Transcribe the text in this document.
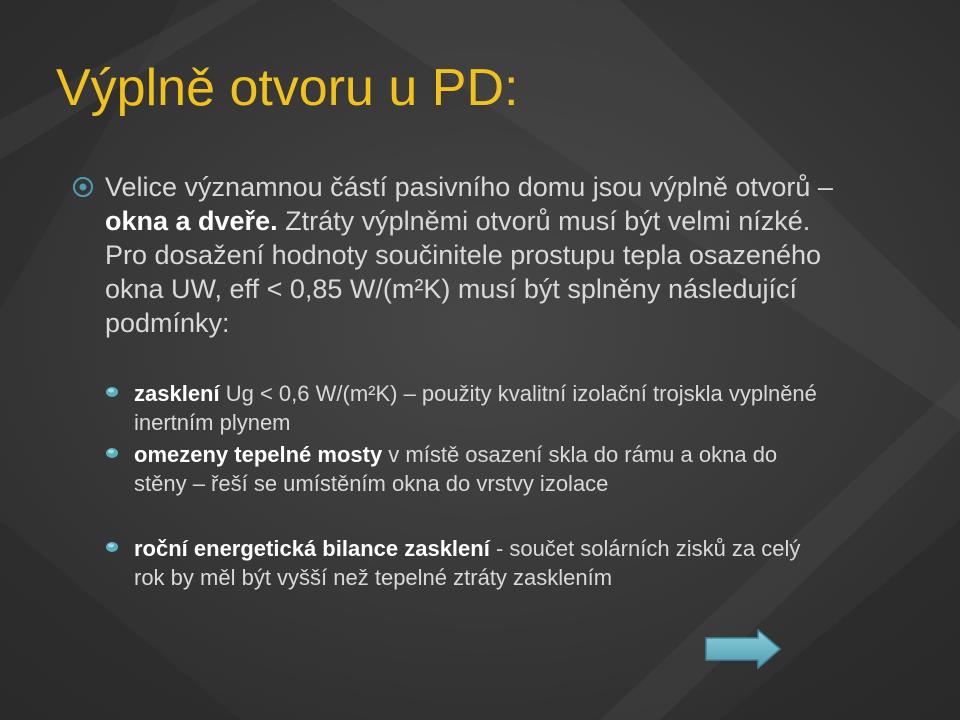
Výplně otvoru u PD:
Velice významnou částí pasivního domu jsou výplně otvorů – okna a dveře. Ztráty výplněmi otvorů musí být velmi nízké. Pro dosažení hodnoty součinitele prostupu tepla osazeného okna UW, eff < 0,85 W/(m²K) musí být splněny následující podmínky:
zasklení Ug < 0,6 W/(m²K) – použity kvalitní izolační trojskla vyplněné inertním plynem
omezeny tepelné mosty v místě osazení skla do rámu a okna do stěny – řeší se umístěním okna do vrstvy izolace
roční energetická bilance zasklení - součet solárních zisků za celý rok by měl být vyšší než tepelné ztráty zasklením
